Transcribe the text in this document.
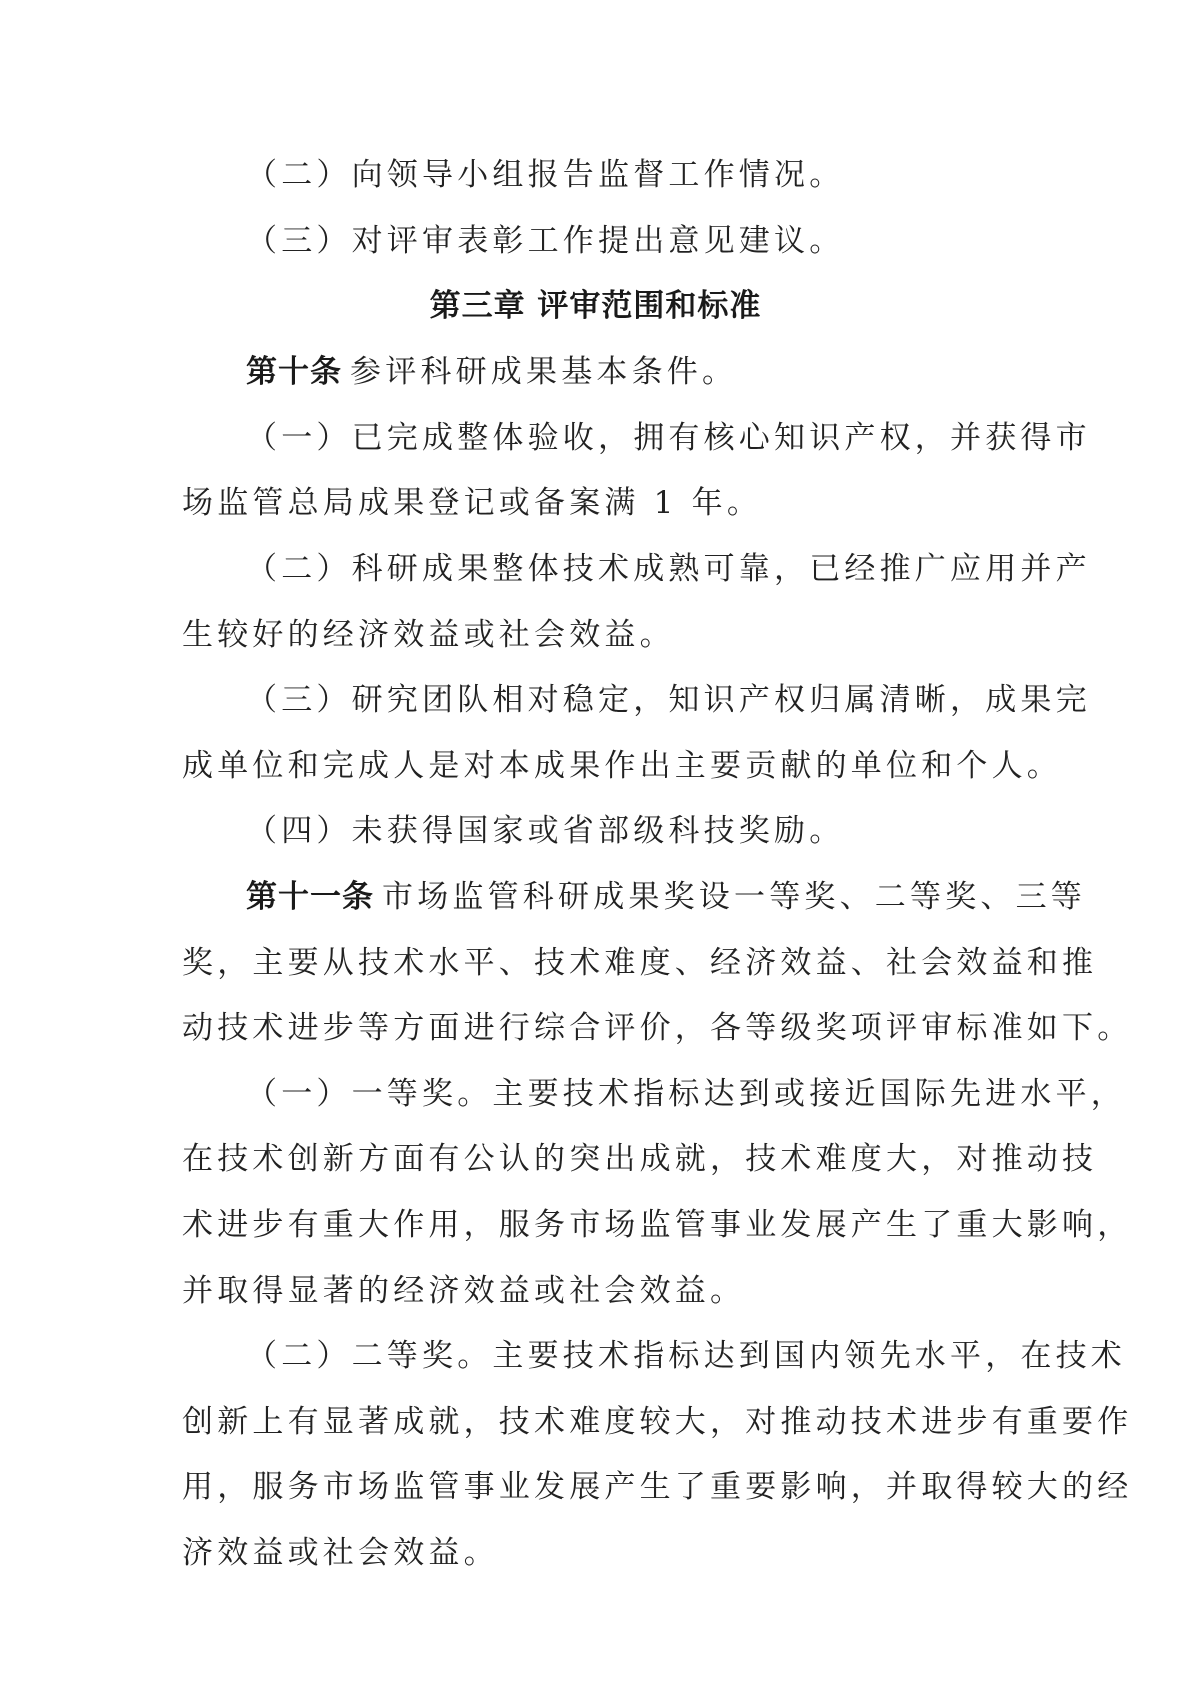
（二）向领导小组报告监督工作情况。
（三）对评审表彰工作提出意见建议。
第三章 评审范围和标准
第十条 参评科研成果基本条件。
（一）已完成整体验收，拥有核心知识产权，并获得市
场监管总局成果登记或备案满 1 年。
（二）科研成果整体技术成熟可靠，已经推广应用并产
生较好的经济效益或社会效益。
（三）研究团队相对稳定，知识产权归属清晰，成果完
成单位和完成人是对本成果作出主要贡献的单位和个人。
（四）未获得国家或省部级科技奖励。
第十一条 市场监管科研成果奖设一等奖、二等奖、三等
奖，主要从技术水平、技术难度、经济效益、社会效益和推
动技术进步等方面进行综合评价，各等级奖项评审标准如下。
（一）一等奖。主要技术指标达到或接近国际先进水平，
在技术创新方面有公认的突出成就，技术难度大，对推动技
术进步有重大作用，服务市场监管事业发展产生了重大影响，
并取得显著的经济效益或社会效益。
（二）二等奖。主要技术指标达到国内领先水平，在技术
创新上有显著成就，技术难度较大，对推动技术进步有重要作
用，服务市场监管事业发展产生了重要影响，并取得较大的经
济效益或社会效益。
